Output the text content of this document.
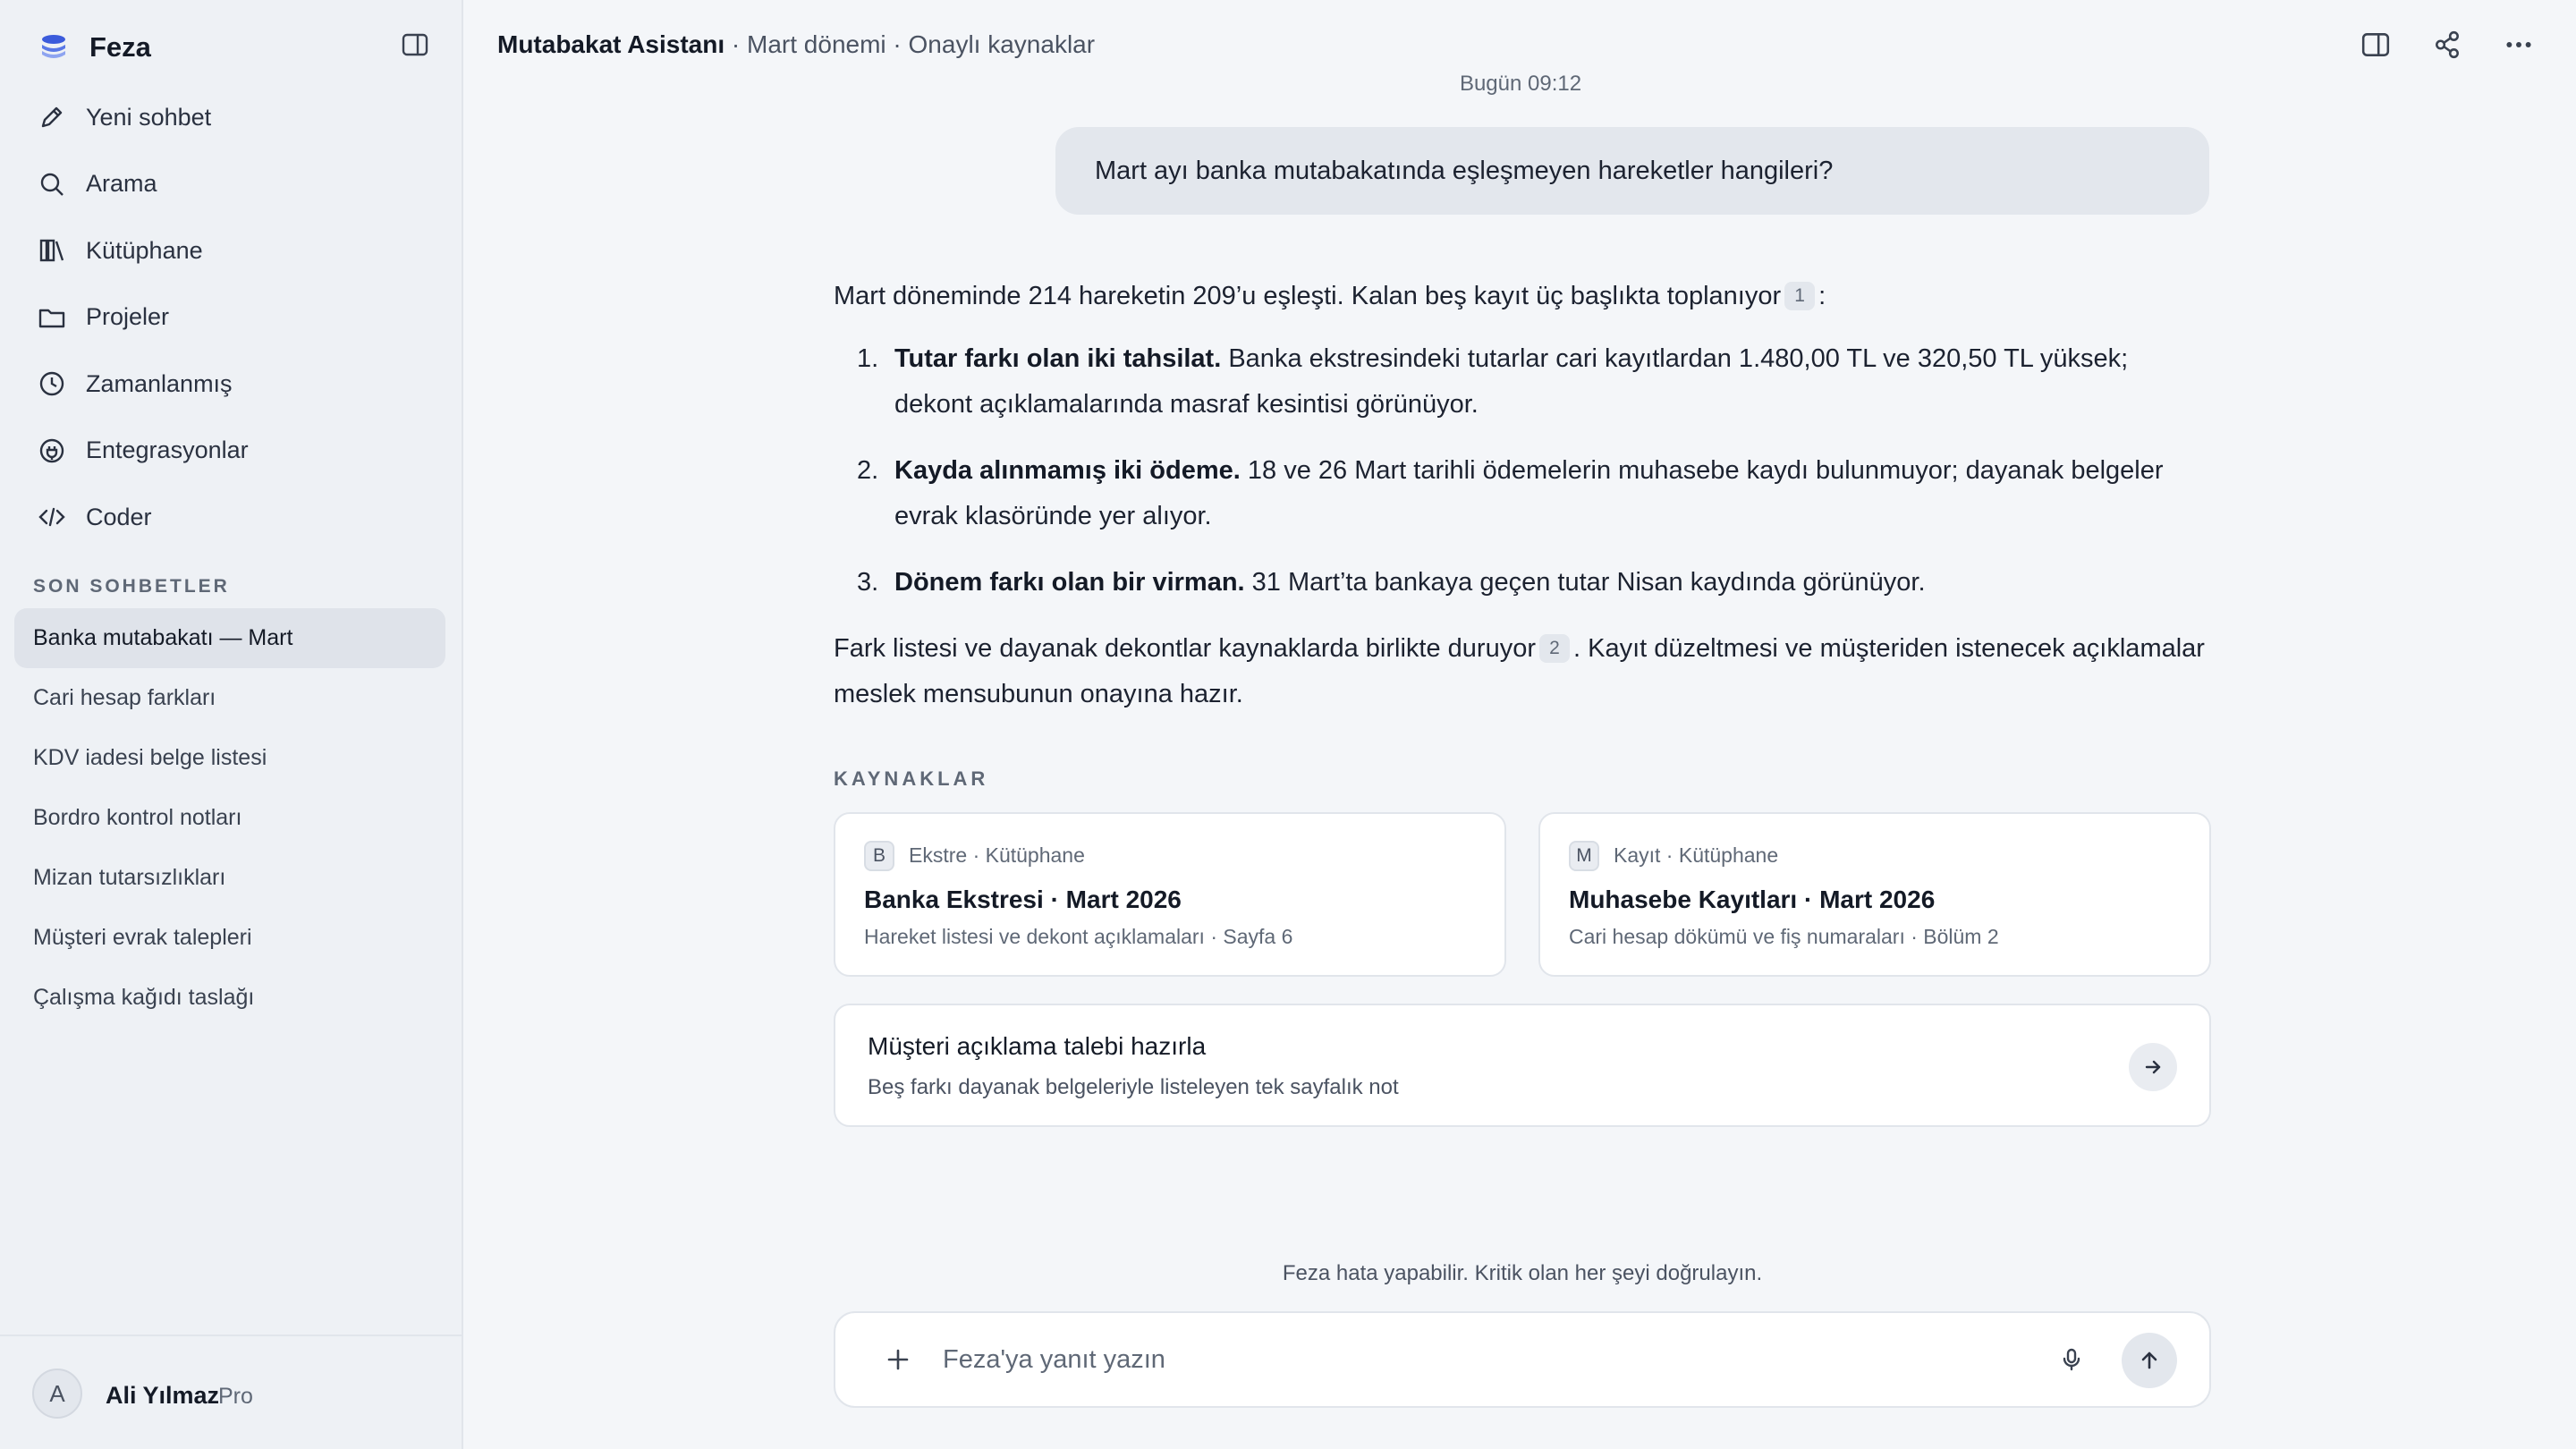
Feza
Yeni sohbet
Arama
Kütüphane
Projeler
Zamanlanmış
Entegrasyonlar
Coder
SON SOHBETLER
Banka mutabakatı — Mart
Cari hesap farkları
KDV iadesi belge listesi
Bordro kontrol notları
Mizan tutarsızlıkları
Müşteri evrak talepleri
Çalışma kağıdı taslağı
A	Ali Yılmaz
Pro
Mutabakat Asistanı · Mart dönemi · Onaylı kaynaklar
Bugün 09:12
Mart ayı banka mutabakatında eşleşmeyen hareketler hangileri?

Mart döneminde 214 hareketin 209’u eşleşti. Kalan beş kayıt üç başlıkta toplanıyor 1 :

1. Tutar farkı olan iki tahsilat. Banka ekstresindeki tutarlar cari kayıtlardan 1.480,00 TL ve 320,50 TL yüksek; dekont açıklamalarında masraf kesintisi görünüyor.
2. Kayda alınmamış iki ödeme. 18 ve 26 Mart tarihli ödemelerin muhasebe kaydı bulunmuyor; dayanak belgeler evrak klasöründe yer alıyor.
3. Dönem farkı olan bir virman. 31 Mart’ta bankaya geçen tutar Nisan kaydında görünüyor.

Fark listesi ve dayanak dekontlar kaynaklarda birlikte duruyor 2 . Kayıt düzeltmesi ve müşteriden istenecek açıklamalar meslek mensubunun onayına hazır.

KAYNAKLAR
B	Ekstre · Kütüphane
Banka Ekstresi · Mart 2026
Hareket listesi ve dekont açıklamaları · Sayfa 6
M	Kayıt · Kütüphane
Muhasebe Kayıtları · Mart 2026
Cari hesap dökümü ve fiş numaraları · Bölüm 2
Müşteri açıklama talebi hazırla
Beş farkı dayanak belgeleriyle listeleyen tek sayfalık not
Feza hata yapabilir. Kritik olan her şeyi doğrulayın.
Feza'ya yanıt yazın
